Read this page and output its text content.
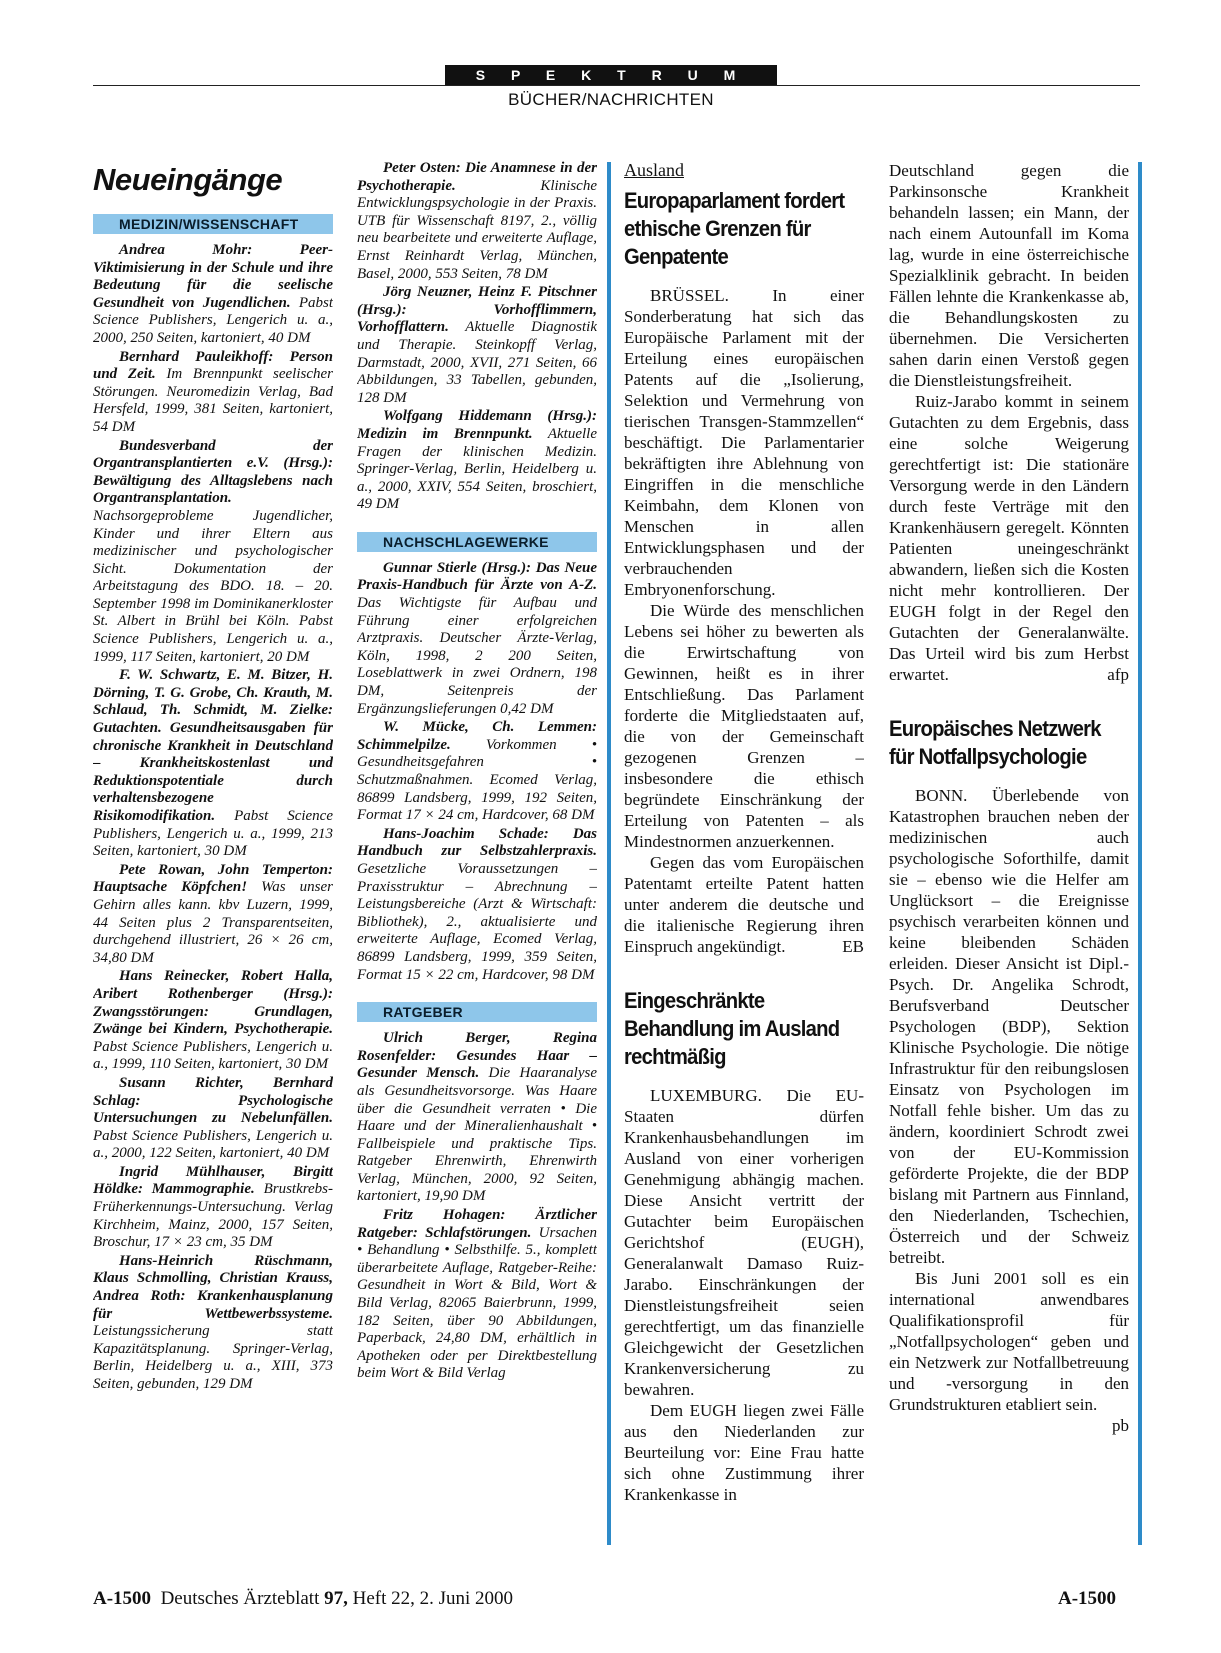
S P E K T R U M
BÜCHER/NACHRICHTEN
Neueingänge
MEDIZIN/WISSENSCHAFT

Andrea Mohr: Peer-Viktimisierung in der Schule und ihre Bedeutung für die seelische Gesundheit von Jugendlichen. Pabst Science Publishers, Lengerich u. a., 2000, 250 Seiten, kartoniert, 40 DM

Bernhard Pauleikhoff: Person und Zeit. Im Brennpunkt seelischer Störungen. Neuromedizin Verlag, Bad Hersfeld, 1999, 381 Seiten, kartoniert, 54 DM

Bundesverband der Organtransplantierten e.V. (Hrsg.): Bewältigung des Alltagslebens nach Organtransplantation. Nachsorgeprobleme Jugendlicher, Kinder und ihrer Eltern aus medizinischer und psychologischer Sicht. Dokumentation der Arbeitstagung des BDO. 18. – 20. September 1998 im Dominikanerkloster St. Albert in Brühl bei Köln. Pabst Science Publishers, Lengerich u. a., 1999, 117 Seiten, kartoniert, 20 DM

F. W. Schwartz, E. M. Bitzer, H. Dörning, T. G. Grobe, Ch. Krauth, M. Schlaud, Th. Schmidt, M. Zielke: Gutachten. Gesundheitsausgaben für chronische Krankheit in Deutschland – Krankheitskostenlast und Reduktionspotentiale durch verhaltensbezogene Risikomodifikation. Pabst Science Publishers, Lengerich u. a., 1999, 213 Seiten, kartoniert, 30 DM

Pete Rowan, John Temperton: Hauptsache Köpfchen! Was unser Gehirn alles kann. kbv Luzern, 1999, 44 Seiten plus 2 Transparentseiten, durchgehend illustriert, 26 × 26 cm, 34,80 DM

Hans Reinecker, Robert Halla, Aribert Rothenberger (Hrsg.): Zwangsstörungen: Grundlagen, Zwänge bei Kindern, Psychotherapie. Pabst Science Publishers, Lengerich u. a., 1999, 110 Seiten, kartoniert, 30 DM

Susann Richter, Bernhard Schlag: Psychologische Untersuchungen zu Nebelunfällen. Pabst Science Publishers, Lengerich u. a., 2000, 122 Seiten, kartoniert, 40 DM

Ingrid Mühlhauser, Birgitt Höldke: Mammographie. Brustkrebs-Früherkennungs-Untersuchung. Verlag Kirchheim, Mainz, 2000, 157 Seiten, Broschur, 17 × 23 cm, 35 DM

Hans-Heinrich Rüschmann, Klaus Schmolling, Christian Krauss, Andrea Roth: Krankenhausplanung für Wettbewerbssysteme. Leistungssicherung statt Kapazitätsplanung. Springer-Verlag, Berlin, Heidelberg u. a., XIII, 373 Seiten, gebunden, 129 DM

Peter Osten: Die Anamnese in der Psychotherapie. Klinische Entwicklungspsychologie in der Praxis. UTB für Wissenschaft 8197, 2., völlig neu bearbeitete und erweiterte Auflage, Ernst Reinhardt Verlag, München, Basel, 2000, 553 Seiten, 78 DM

Jörg Neuzner, Heinz F. Pitschner (Hrsg.): Vorhofflimmern, Vorhofflattern. Aktuelle Diagnostik und Therapie. Steinkopff Verlag, Darmstadt, 2000, XVII, 271 Seiten, 66 Abbildungen, 33 Tabellen, gebunden, 128 DM

Wolfgang Hiddemann (Hrsg.): Medizin im Brennpunkt. Aktuelle Fragen der klinischen Medizin. Springer-Verlag, Berlin, Heidelberg u. a., 2000, XXIV, 554 Seiten, broschiert, 49 DM

NACHSCHLAGEWERKE

Gunnar Stierle (Hrsg.): Das Neue Praxis-Handbuch für Ärzte von A-Z. Das Wichtigste für Aufbau und Führung einer erfolgreichen Arztpraxis. Deutscher Ärzte-Verlag, Köln, 1998, 2 200 Seiten, Loseblattwerk in zwei Ordnern, 198 DM, Seitenpreis der Ergänzungslieferungen 0,42 DM

W. Mücke, Ch. Lemmen: Schimmelpilze. Vorkommen • Gesundheitsgefahren • Schutzmaßnahmen. Ecomed Verlag, 86899 Landsberg, 1999, 192 Seiten, Format 17 × 24 cm, Hardcover, 68 DM

Hans-Joachim Schade: Das Handbuch zur Selbstzahlerpraxis. Gesetzliche Voraussetzungen – Praxisstruktur – Abrechnung – Leistungsbereiche (Arzt & Wirtschaft: Bibliothek), 2., aktualisierte und erweiterte Auflage, Ecomed Verlag, 86899 Landsberg, 1999, 359 Seiten, Format 15 × 22 cm, Hardcover, 98 DM

RATGEBER

Ulrich Berger, Regina Rosenfelder: Gesundes Haar – Gesunder Mensch. Die Haaranalyse als Gesundheitsvorsorge. Was Haare über die Gesundheit verraten • Die Haare und der Mineralienhaushalt • Fallbeispiele und praktische Tips. Ratgeber Ehrenwirth, Ehrenwirth Verlag, München, 2000, 92 Seiten, kartoniert, 19,90 DM

Fritz Hohagen: Ärztlicher Ratgeber: Schlafstörungen. Ursachen • Behandlung • Selbsthilfe. 5., komplett überarbeitete Auflage, Ratgeber-Reihe: Gesundheit in Wort & Bild, Wort & Bild Verlag, 82065 Baierbrunn, 1999, 182 Seiten, über 90 Abbildungen, Paperback, 24,80 DM, erhältlich in Apotheken oder per Direktbestellung beim Wort & Bild Verlag

Ausland
Europaparlament fordert ethische Grenzen für Genpatente

BRÜSSEL. In einer Sonderberatung hat sich das Europäische Parlament mit der Erteilung eines europäischen Patents auf die „Isolierung, Selektion und Vermehrung von tierischen Transgen-Stammzellen“ beschäftigt. Die Parlamentarier bekräftigten ihre Ablehnung von Eingriffen in die menschliche Keimbahn, dem Klonen von Menschen in allen Entwicklungsphasen und der verbrauchenden Embryonenforschung.

Die Würde des menschlichen Lebens sei höher zu bewerten als die Erwirtschaftung von Gewinnen, heißt es in ihrer Entschließung. Das Parlament forderte die Mitgliedstaaten auf, die von der Gemeinschaft gezogenen Grenzen – insbesondere die ethisch begründete Einschränkung der Erteilung von Patenten – als Mindestnormen anzuerkennen.

Gegen das vom Europäischen Patentamt erteilte Patent hatten unter anderem die deutsche und die italienische Regierung ihren Einspruch angekündigt.	EB

Eingeschränkte Behandlung im Ausland rechtmäßig

LUXEMBURG. Die EU-Staaten dürfen Krankenhausbehandlungen im Ausland von einer vorherigen Genehmigung abhängig machen. Diese Ansicht vertritt der Gutachter beim Europäischen Gerichtshof (EUGH), Generalanwalt Damaso Ruiz-Jarabo. Einschränkungen der Dienstleistungsfreiheit seien gerechtfertigt, um das finanzielle Gleichgewicht der Gesetzlichen Krankenversicherung zu bewahren.

Dem EUGH liegen zwei Fälle aus den Niederlanden zur Beurteilung vor: Eine Frau hatte sich ohne Zustimmung ihrer Krankenkasse in

Deutschland gegen die Parkinsonsche Krankheit behandeln lassen; ein Mann, der nach einem Autounfall im Koma lag, wurde in eine österreichische Spezialklinik gebracht. In beiden Fällen lehnte die Krankenkasse ab, die Behandlungskosten zu übernehmen. Die Versicherten sahen darin einen Verstoß gegen die Dienstleistungsfreiheit.

Ruiz-Jarabo kommt in seinem Gutachten zu dem Ergebnis, dass eine solche Weigerung gerechtfertigt ist: Die stationäre Versorgung werde in den Ländern durch feste Verträge mit den Krankenhäusern geregelt. Könnten Patienten uneingeschränkt abwandern, ließen sich die Kosten nicht mehr kontrollieren. Der EUGH folgt in der Regel den Gutachten der Generalanwälte. Das Urteil wird bis zum Herbst erwartet.	afp

Europäisches Netzwerk für Notfallpsychologie

BONN. Überlebende von Katastrophen brauchen neben der medizinischen auch psychologische Soforthilfe, damit sie – ebenso wie die Helfer am Unglücksort – die Ereignisse psychisch verarbeiten können und keine bleibenden Schäden erleiden. Dieser Ansicht ist Dipl.-Psych. Dr. Angelika Schrodt, Berufsverband Deutscher Psychologen (BDP), Sektion Klinische Psychologie. Die nötige Infrastruktur für den reibungslosen Einsatz von Psychologen im Notfall fehle bisher. Um das zu ändern, koordiniert Schrodt zwei von der EU-Kommission geförderte Projekte, die der BDP bislang mit Partnern aus Finnland, den Niederlanden, Tschechien, Österreich und der Schweiz betreibt.

Bis Juni 2001 soll es ein international anwendbares Qualifikationsprofil für „Notfallpsychologen“ geben und ein Netzwerk zur Notfallbetreuung und -versorgung in den Grundstrukturen etabliert sein.
pb

A-1500 Deutsches Ärzteblatt 97, Heft 22, 2. Juni 2000	A-1500
